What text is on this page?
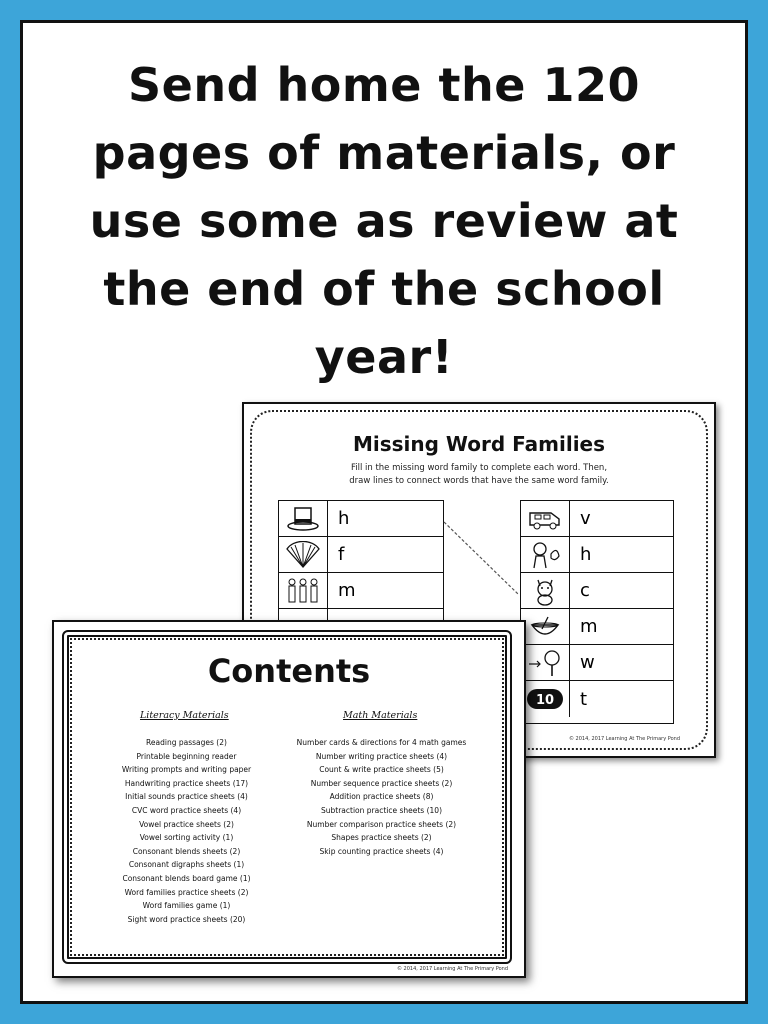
Send home the 120
pages of materials, or
use some as review at
the end of the school
year!
Missing Word Families
Fill in the missing word family to complete each word. Then,
draw lines to connect words that have the same word family.
h
f
m
v
h
c
m
w
10	t
© 2014, 2017 Learning At The Primary Pond
Contents
Literacy Materials	Math Materials
Reading passages (2)
Printable beginning reader
Writing prompts and writing paper
Handwriting practice sheets (17)
Initial sounds practice sheets (4)
CVC word practice sheets (4)
Vowel practice sheets (2)
Vowel sorting activity (1)
Consonant blends sheets (2)
Consonant digraphs sheets (1)
Consonant blends board game (1)
Word families practice sheets (2)
Word families game (1)
Sight word practice sheets (20)
Number cards & directions for 4 math games
Number writing practice sheets (4)
Count & write practice sheets (5)
Number sequence practice sheets (2)
Addition practice sheets (8)
Subtraction practice sheets (10)
Number comparison practice sheets (2)
Shapes practice sheets (2)
Skip counting practice sheets (4)
© 2014, 2017 Learning At The Primary Pond
